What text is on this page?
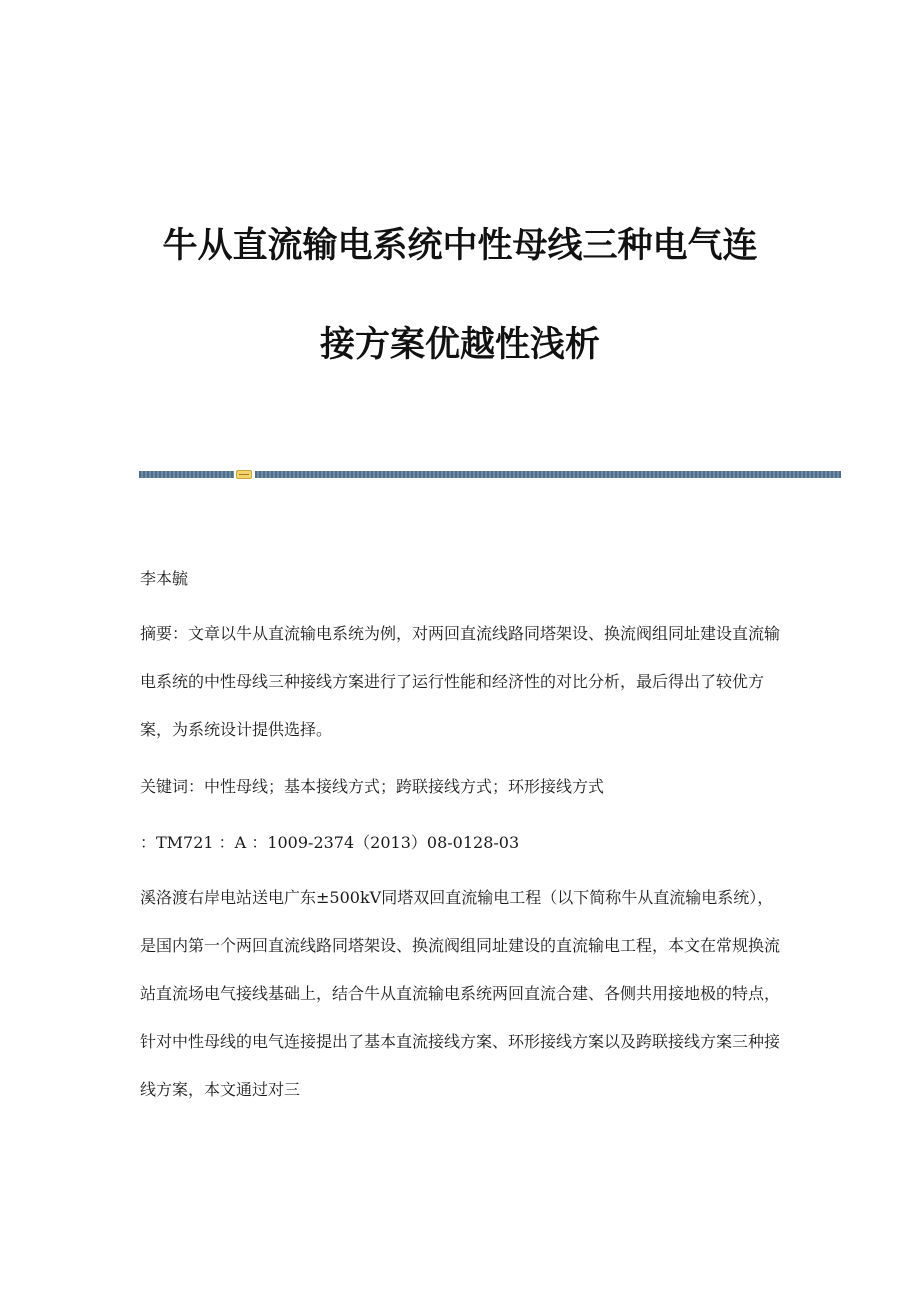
牛从直流输电系统中性母线三种电气连
接方案优越性浅析

李本毓

摘要：文章以牛从直流输电系统为例，对两回直流线路同塔架设、换流阀组同址建设直流输电系统的中性母线三种接线方案进行了运行性能和经济性的对比分析，最后得出了较优方案，为系统设计提供选择。

关键词：中性母线；基本接线方式；跨联接线方式；环形接线方式

：TM721 ：A ：1009-2374（2013）08-0128-03

溪洛渡右岸电站送电广东±500kV同塔双回直流输电工程（以下简称牛从直流输电系统），是国内第一个两回直流线路同塔架设、换流阀组同址建设的直流输电工程，本文在常规换流站直流场电气接线基础上，结合牛从直流输电系统两回直流合建、各侧共用接地极的特点，针对中性母线的电气连接提出了基本直流接线方案、环形接线方案以及跨联接线方案三种接线方案，本文通过对三
